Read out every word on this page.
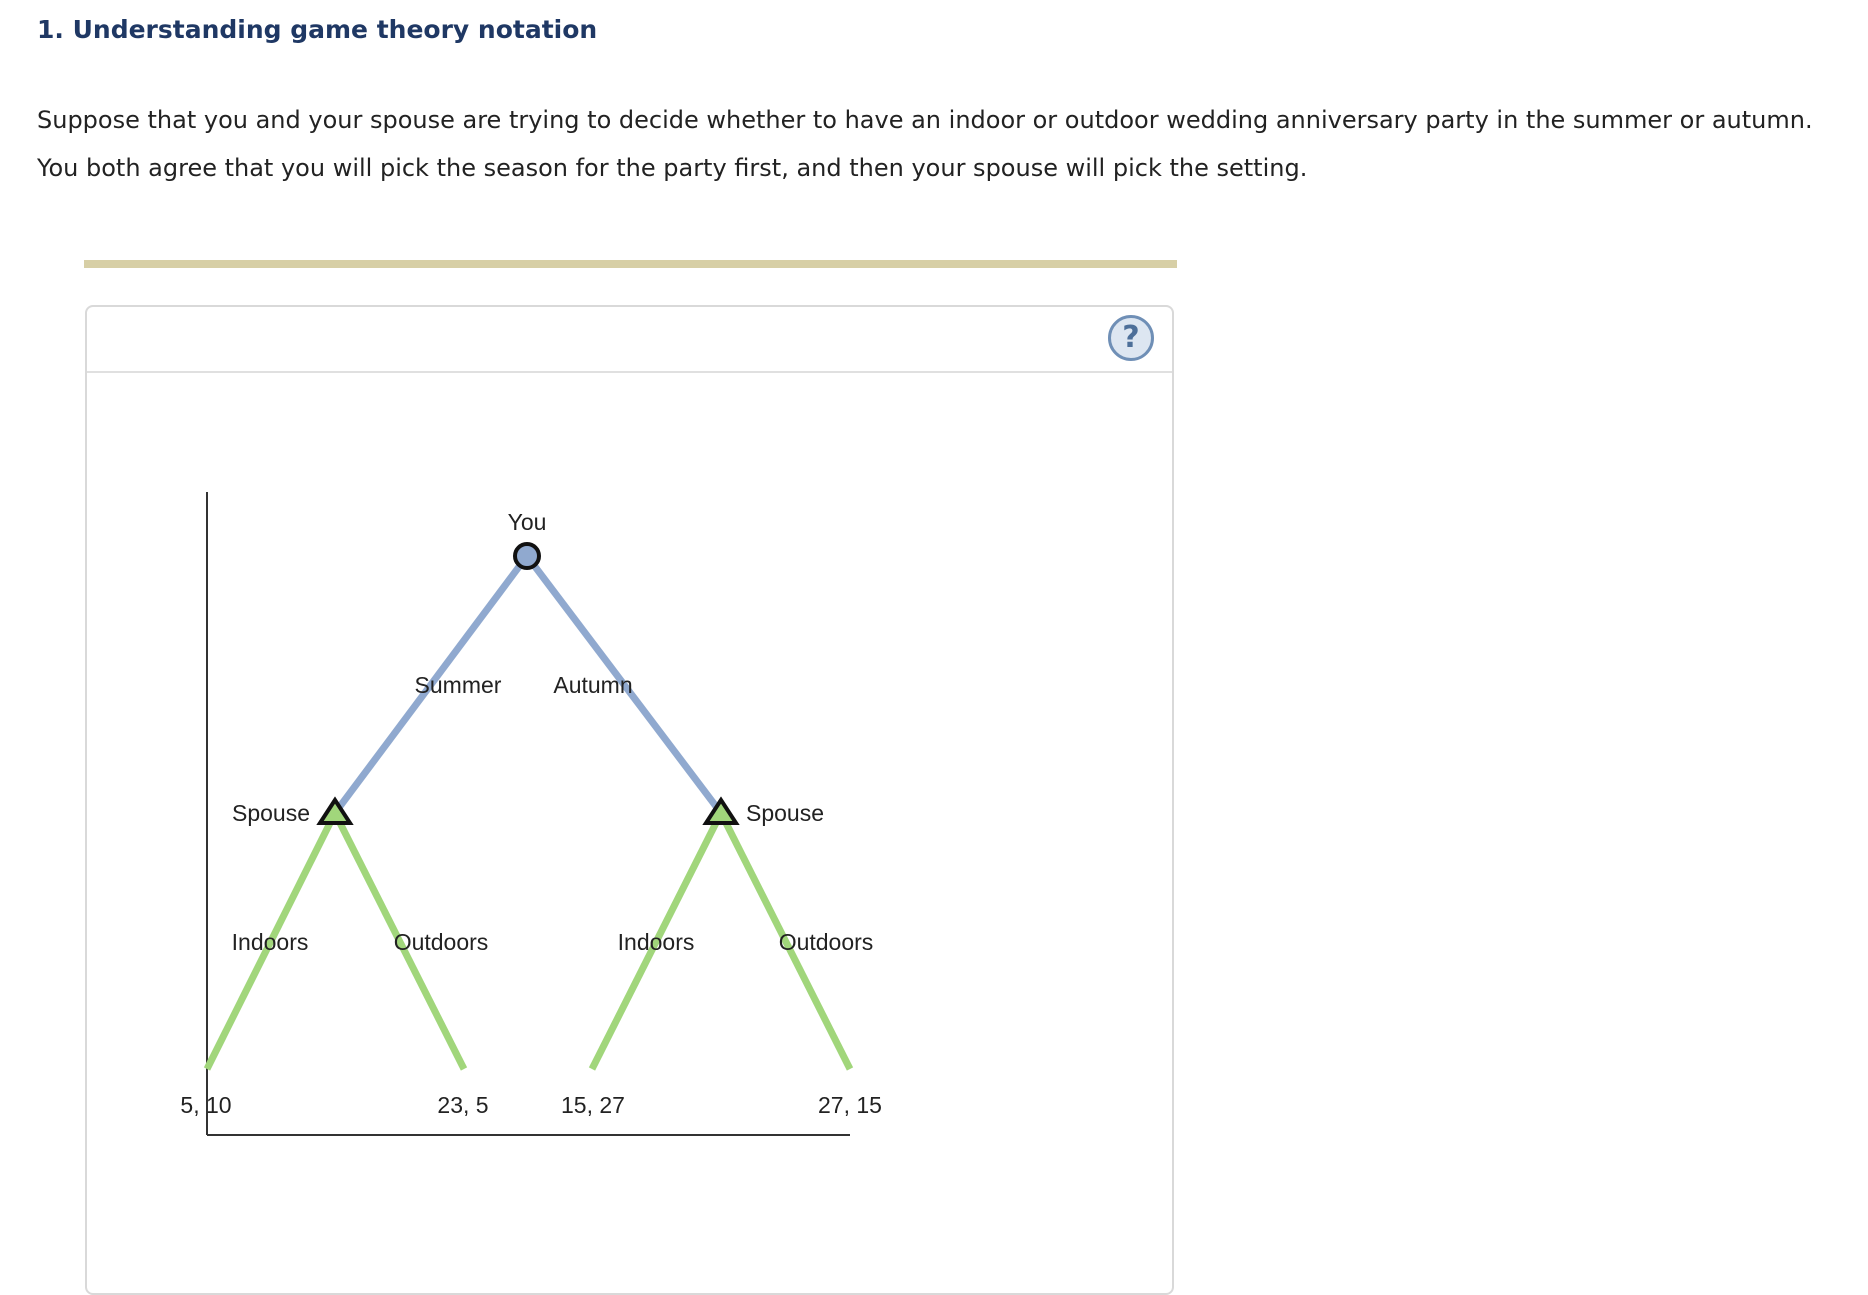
1. Understanding game theory notation

Suppose that you and your spouse are trying to decide whether to have an indoor or outdoor wedding anniversary party in the summer or autumn.

You both agree that you will pick the season for the party first, and then your spouse will pick the setting.

?
You
Spouse	Spouse
Summer Autumn
Indoors	Outdoors	Indoors	Outdoors
5, 10	23, 5	15, 27	27, 15
